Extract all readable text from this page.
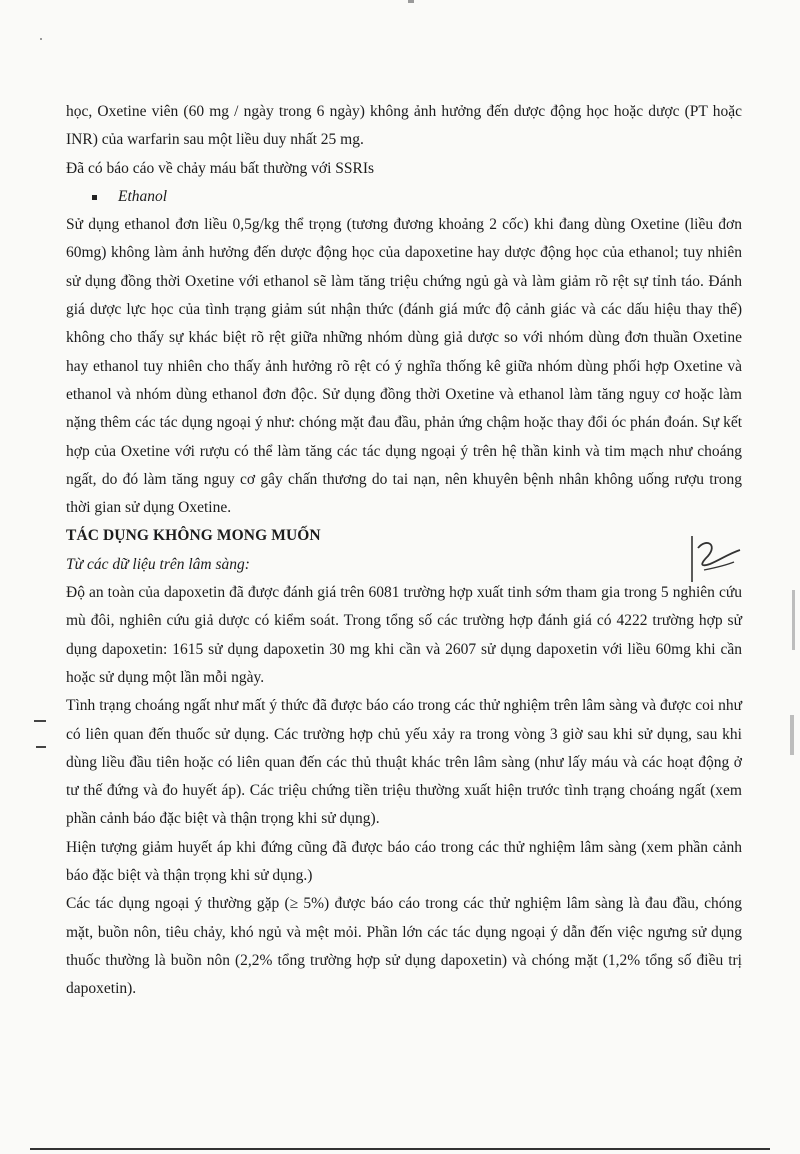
học, Oxetine viên (60 mg / ngày trong 6 ngày) không ảnh hưởng đến dược động học hoặc dược (PT hoặc INR) của warfarin sau một liều duy nhất 25 mg.

Đã có báo cáo về chảy máu bất thường với SSRIs

Ethanol

Sử dụng ethanol đơn liều 0,5g/kg thể trọng (tương đương khoảng 2 cốc) khi đang dùng Oxetine (liều đơn 60mg) không làm ảnh hưởng đến dược động học của dapoxetine hay dược động học của ethanol; tuy nhiên sử dụng đồng thời Oxetine với ethanol sẽ làm tăng triệu chứng ngủ gà và làm giảm rõ rệt sự tỉnh táo. Đánh giá dược lực học của tình trạng giảm sút nhận thức (đánh giá mức độ cảnh giác và các dấu hiệu thay thế) không cho thấy sự khác biệt rõ rệt giữa những nhóm dùng giả dược so với nhóm dùng đơn thuần Oxetine hay ethanol tuy nhiên cho thấy ảnh hưởng rõ rệt có ý nghĩa thống kê giữa nhóm dùng phối hợp Oxetine và ethanol và nhóm dùng ethanol đơn độc. Sử dụng đồng thời Oxetine và ethanol làm tăng nguy cơ hoặc làm nặng thêm các tác dụng ngoại ý như: chóng mặt đau đầu, phản ứng chậm hoặc thay đổi óc phán đoán. Sự kết hợp của Oxetine với rượu có thể làm tăng các tác dụng ngoại ý trên hệ thần kinh và tim mạch như choáng ngất, do đó làm tăng nguy cơ gây chấn thương do tai nạn, nên khuyên bệnh nhân không uống rượu trong thời gian sử dụng Oxetine.

TÁC DỤNG KHÔNG MONG MUỐN

Từ các dữ liệu trên lâm sàng:

Độ an toàn của dapoxetin đã được đánh giá trên 6081 trường hợp xuất tinh sớm tham gia trong 5 nghiên cứu mù đôi, nghiên cứu giả dược có kiểm soát. Trong tổng số các trường hợp đánh giá có 4222 trường hợp sử dụng dapoxetin: 1615 sử dụng dapoxetin 30 mg khi cần và 2607 sử dụng dapoxetin với liều 60mg khi cần hoặc sử dụng một lần mỗi ngày.

Tình trạng choáng ngất như mất ý thức đã được báo cáo trong các thử nghiệm trên lâm sàng và được coi như có liên quan đến thuốc sử dụng. Các trường hợp chủ yếu xảy ra trong vòng 3 giờ sau khi sử dụng, sau khi dùng liều đầu tiên hoặc có liên quan đến các thủ thuật khác trên lâm sàng (như lấy máu và các hoạt động ở tư thế đứng và đo huyết áp). Các triệu chứng tiền triệu thường xuất hiện trước tình trạng choáng ngất (xem phần cảnh báo đặc biệt và thận trọng khi sử dụng).

Hiện tượng giảm huyết áp khi đứng cũng đã được báo cáo trong các thử nghiệm lâm sàng (xem phần cảnh báo đặc biệt và thận trọng khi sử dụng.)

Các tác dụng ngoại ý thường gặp (≥ 5%) được báo cáo trong các thử nghiệm lâm sàng là đau đầu, chóng mặt, buồn nôn, tiêu chảy, khó ngủ và mệt mỏi. Phần lớn các tác dụng ngoại ý dẫn đến việc ngưng sử dụng thuốc thường là buồn nôn (2,2% tổng trường hợp sử dụng dapoxetin) và chóng mặt (1,2% tổng số điều trị dapoxetin).
